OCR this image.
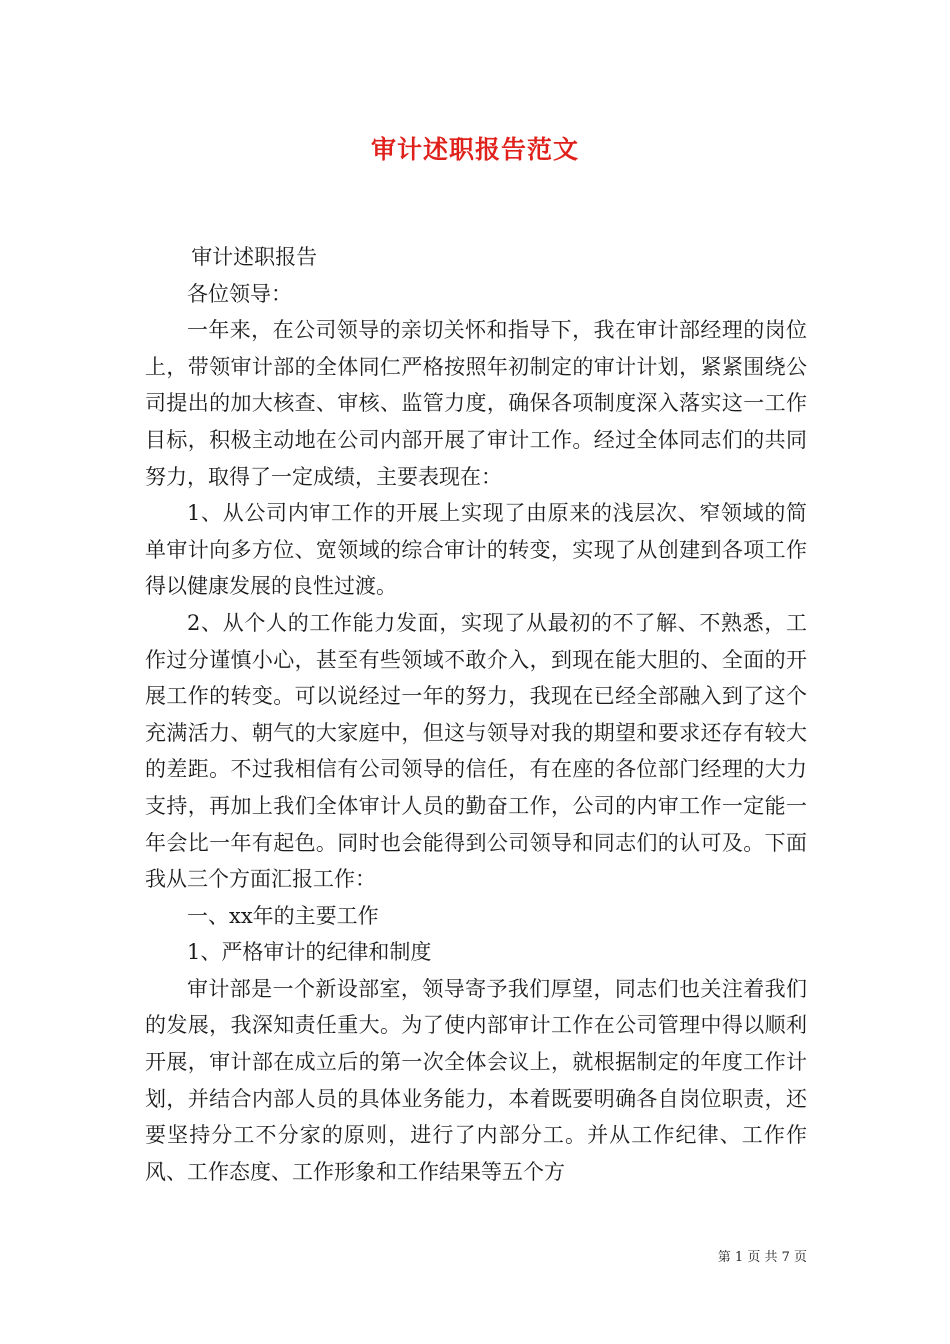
审计述职报告范文

审计述职报告

各位领导：

一年来，在公司领导的亲切关怀和指导下，我在审计部经理的岗位上，带领审计部的全体同仁严格按照年初制定的审计计划，紧紧围绕公司提出的加大核查、审核、监管力度，确保各项制度深入落实这一工作目标，积极主动地在公司内部开展了审计工作。经过全体同志们的共同努力，取得了一定成绩，主要表现在：

1、从公司内审工作的开展上实现了由原来的浅层次、窄领域的简单审计向多方位、宽领域的综合审计的转变，实现了从创建到各项工作得以健康发展的良性过渡。

2、从个人的工作能力发面，实现了从最初的不了解、不熟悉，工作过分谨慎小心，甚至有些领域不敢介入，到现在能大胆的、全面的开展工作的转变。可以说经过一年的努力，我现在已经全部融入到了这个充满活力、朝气的大家庭中，但这与领导对我的期望和要求还存有较大的差距。不过我相信有公司领导的信任，有在座的各位部门经理的大力支持，再加上我们全体审计人员的勤奋工作，公司的内审工作一定能一年会比一年有起色。同时也会能得到公司领导和同志们的认可及。下面我从三个方面汇报工作：

一、xx年的主要工作

1、严格审计的纪律和制度

审计部是一个新设部室，领导寄予我们厚望，同志们也关注着我们的发展，我深知责任重大。为了使内部审计工作在公司管理中得以顺利开展，审计部在成立后的第一次全体会议上，就根据制定的年度工作计划，并结合内部人员的具体业务能力，本着既要明确各自岗位职责，还要坚持分工不分家的原则，进行了内部分工。并从工作纪律、工作作风、工作态度、工作形象和工作结果等五个方

第 1 页 共 7 页
